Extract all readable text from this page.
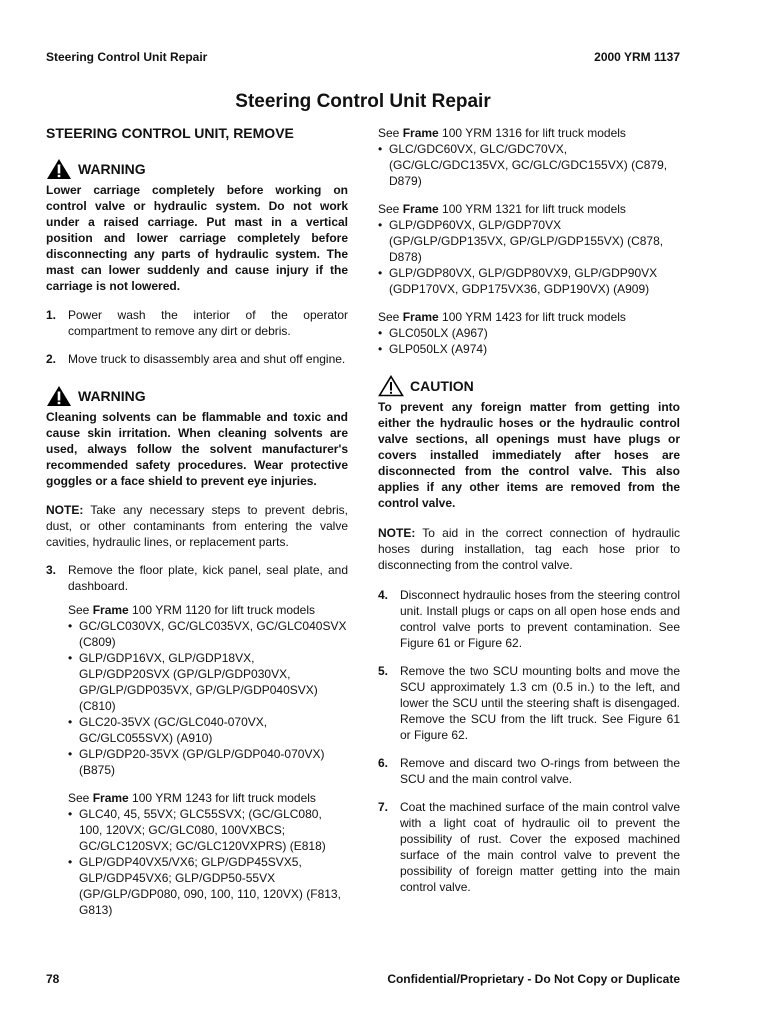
Steering Control Unit Repair	2000 YRM 1137
Steering Control Unit Repair
STEERING CONTROL UNIT, REMOVE
WARNING
Lower carriage completely before working on control valve or hydraulic system. Do not work under a raised carriage. Put mast in a vertical position and lower carriage completely before disconnecting any parts of hydraulic system. The mast can lower suddenly and cause injury if the carriage is not lowered.
1. Power wash the interior of the operator compartment to remove any dirt or debris.
2. Move truck to disassembly area and shut off engine.
WARNING
Cleaning solvents can be flammable and toxic and cause skin irritation. When cleaning solvents are used, always follow the solvent manufacturer's recommended safety procedures. Wear protective goggles or a face shield to prevent eye injuries.

NOTE: Take any necessary steps to prevent debris, dust, or other contaminants from entering the valve cavities, hydraulic lines, or replacement parts.

3. Remove the floor plate, kick panel, seal plate, and dashboard.
See Frame 100 YRM 1120 for lift truck models
• GC/GLC030VX, GC/GLC035VX, GC/GLC040SVX (C809)
• GLP/GDP16VX, GLP/GDP18VX, GLP/GDP20SVX (GP/GLP/GDP030VX, GP/GLP/GDP035VX, GP/GLP/GDP040SVX) (C810)
• GLC20-35VX (GC/GLC040-070VX, GC/GLC055SVX) (A910)
• GLP/GDP20-35VX (GP/GLP/GDP040-070VX) (B875)
See Frame 100 YRM 1243 for lift truck models
• GLC40, 45, 55VX; GLC55SVX; (GC/GLC080, 100, 120VX; GC/GLC080, 100VXBCS; GC/GLC120SVX; GC/GLC120VXPRS) (E818)
• GLP/GDP40VX5/VX6; GLP/GDP45SVX5, GLP/GDP45VX6; GLP/GDP50-55VX (GP/GLP/GDP080, 090, 100, 110, 120VX) (F813, G813)
See Frame 100 YRM 1316 for lift truck models
• GLC/GDC60VX, GLC/GDC70VX, (GC/GLC/GDC135VX, GC/GLC/GDC155VX) (C879, D879)
See Frame 100 YRM 1321 for lift truck models
• GLP/GDP60VX, GLP/GDP70VX (GP/GLP/GDP135VX, GP/GLP/GDP155VX) (C878, D878)
• GLP/GDP80VX, GLP/GDP80VX9, GLP/GDP90VX (GDP170VX, GDP175VX36, GDP190VX) (A909)
See Frame 100 YRM 1423 for lift truck models
• GLC050LX (A967)
• GLP050LX (A974)
CAUTION
To prevent any foreign matter from getting into either the hydraulic hoses or the hydraulic control valve sections, all openings must have plugs or covers installed immediately after hoses are disconnected from the control valve. This also applies if any other items are removed from the control valve.

NOTE: To aid in the correct connection of hydraulic hoses during installation, tag each hose prior to disconnecting from the control valve.

4. Disconnect hydraulic hoses from the steering control unit. Install plugs or caps on all open hose ends and control valve ports to prevent contamination. See Figure 61 or Figure 62.
5. Remove the two SCU mounting bolts and move the SCU approximately 1.3 cm (0.5 in.) to the left, and lower the SCU until the steering shaft is disengaged. Remove the SCU from the lift truck. See Figure 61 or Figure 62.
6. Remove and discard two O-rings from between the SCU and the main control valve.
7. Coat the machined surface of the main control valve with a light coat of hydraulic oil to prevent the possibility of rust. Cover the exposed machined surface of the main control valve to prevent the possibility of foreign matter getting into the main control valve.
78	Confidential/Proprietary - Do Not Copy or Duplicate
